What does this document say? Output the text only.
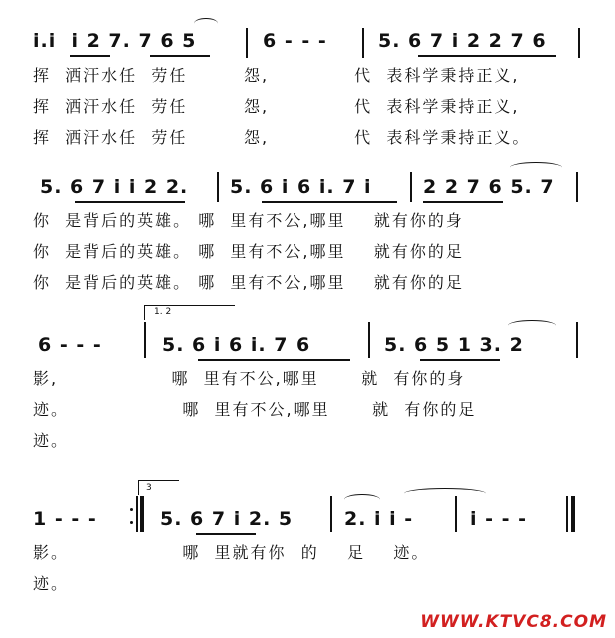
i.i  i 2 7. 7 6 5	6 - - -	5. 6 7 i 2 2 7 6
挥  洒汗水任  劳任        怨,            代  表科学秉持正义,
挥  洒汗水任  劳任        怨,            代  表科学秉持正义,
挥  洒汗水任  劳任        怨,            代  表科学秉持正义。
5. 6 7 i i 2 2. 5. 6 i 6 i. 7 i	2 2 7 6 5. 7
你  是背后的英雄。 哪  里有不公,哪里    就有你的身
你  是背后的英雄。 哪  里有不公,哪里    就有你的足
你  是背后的英雄。 哪  里有不公,哪里    就有你的足
1. 2
6 - - -	5. 6 i 6 i. 7 6	5. 6 5 1 3. 2
影,                哪  里有不公,哪里      就  有你的身
迹。                哪  里有不公,哪里      就  有你的足
迹。
3
1 - - -	5. 6 7 i 2. 5	2. i i -	i - - -
影。                哪  里就有你  的    足    迹。
迹。
WWW.KTVC8.COM
